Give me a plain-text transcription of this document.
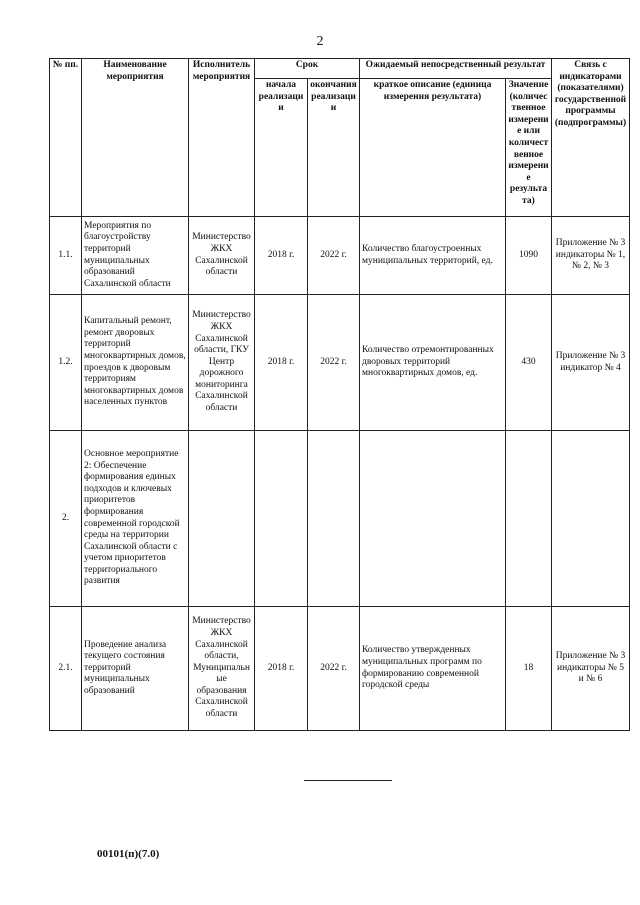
2
№ пп.	Наименование мероприятия	Исполнитель мероприятия	Срок		Ожидаемый непосредственный результат		Связь с индикаторами (показателями) государственной программы (подпрограммы)
			начала реализации	окончания реализации	краткое описание (единица измерения результата)	Значение (количественное измерение или количественное измерение результата)	
1.1.	Мероприятия по благоустройству территорий муниципальных образований Сахалинской области	Министерство ЖКХ Сахалинской области	2018 г.	2022 г.	Количество благоустроенных муниципальных территорий, ед.	1090	Приложение № 3 индикаторы № 1, № 2, № 3
1.2.	Капитальный ремонт, ремонт дворовых территорий многоквартирных домов, проездов к дворовым территориям многоквартирных домов населенных пунктов	Министерство ЖКХ Сахалинской области, ГКУ Центр дорожного мониторинга Сахалинской области	2018 г.	2022 г.	Количество отремонтированных дворовых территорий многоквартирных домов, ед.	430	Приложение № 3 индикатор № 4
2.	Основное мероприятие 2: Обеспечение формирования единых подходов и ключевых приоритетов формирования современной городской среды на территории Сахалинской области с учетом приоритетов территориального развития						
2.1.	Проведение анализа текущего состояния территорий муниципальных образований	Министерство ЖКХ Сахалинской области, Муниципальные образования Сахалинской области	2018 г.	2022 г.	Количество утвержденных муниципальных программ по формированию современной городской среды	18	Приложение № 3 индикаторы № 5 и № 6
00101(п)(7.0)
